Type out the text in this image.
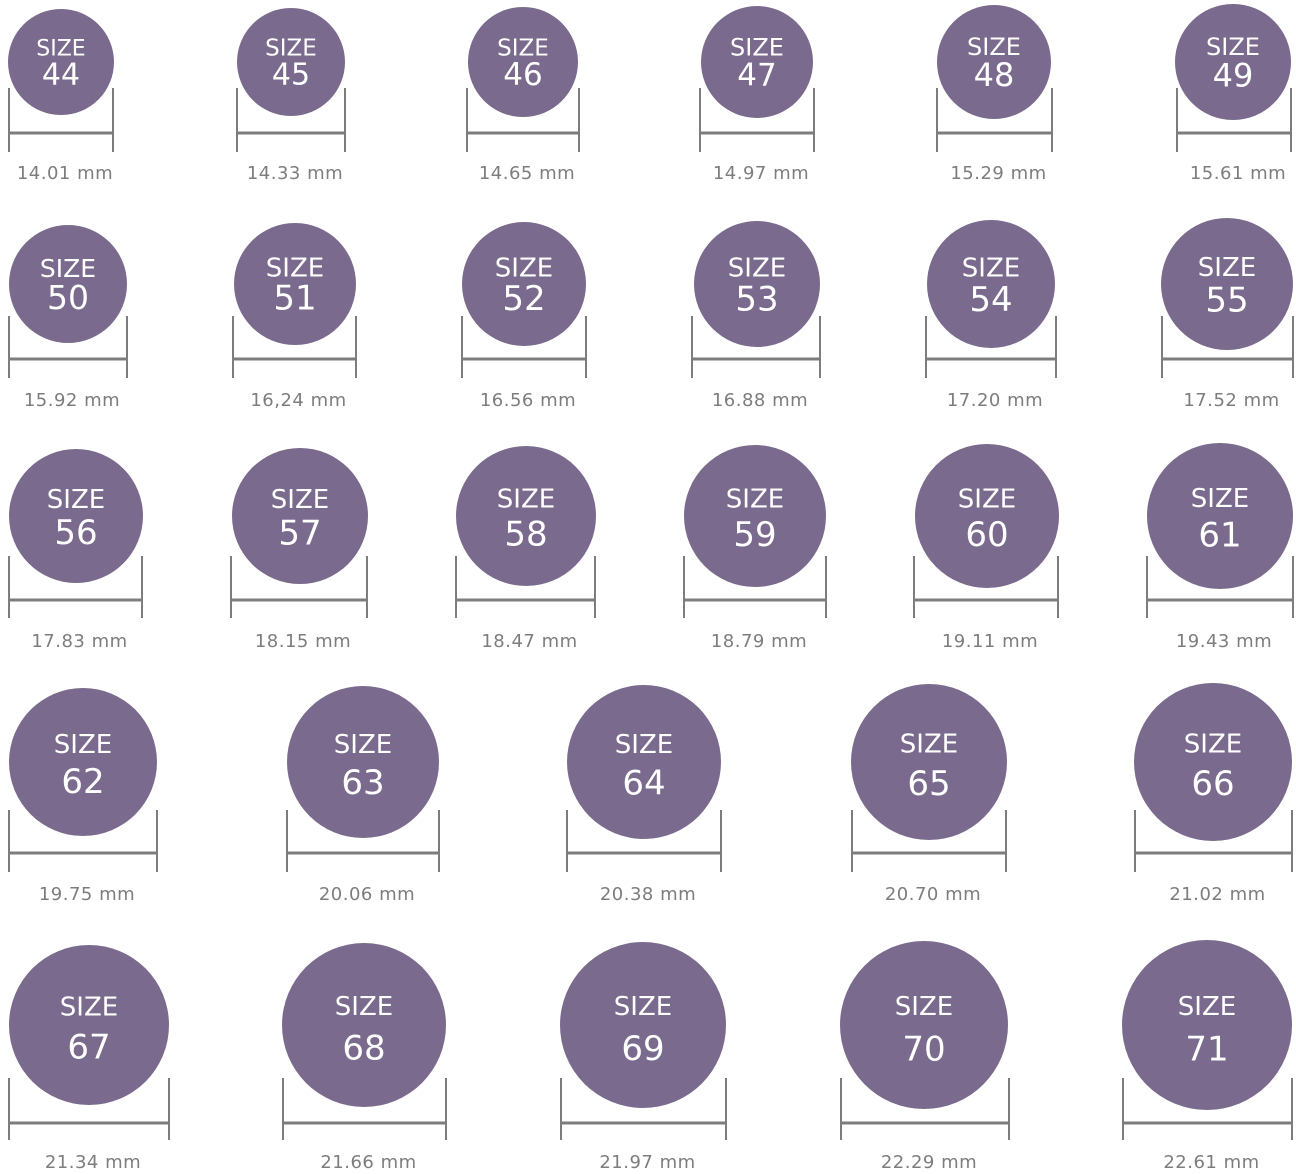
SIZE
44
14.01 mm
SIZE
45
14.33 mm
SIZE
46
14.65 mm
SIZE
47
14.97 mm
SIZE
48
15.29 mm
SIZE
49
15.61 mm
SIZE
50
15.92 mm
SIZE
51
16,24 mm
SIZE
52
16.56 mm
SIZE
53
16.88 mm
SIZE
54
17.20 mm
SIZE
55
17.52 mm
SIZE
56
17.83 mm
SIZE
57
18.15 mm
SIZE
58
18.47 mm
SIZE
59
18.79 mm
SIZE
60
19.11 mm
SIZE
61
19.43 mm
SIZE
62
19.75 mm
SIZE
63
20.06 mm
SIZE
64
20.38 mm
SIZE
65
20.70 mm
SIZE
66
21.02 mm
SIZE
67
21.34 mm
SIZE
68
21.66 mm
SIZE
69
21.97 mm
SIZE
70
22.29 mm
SIZE
71
22.61 mm
